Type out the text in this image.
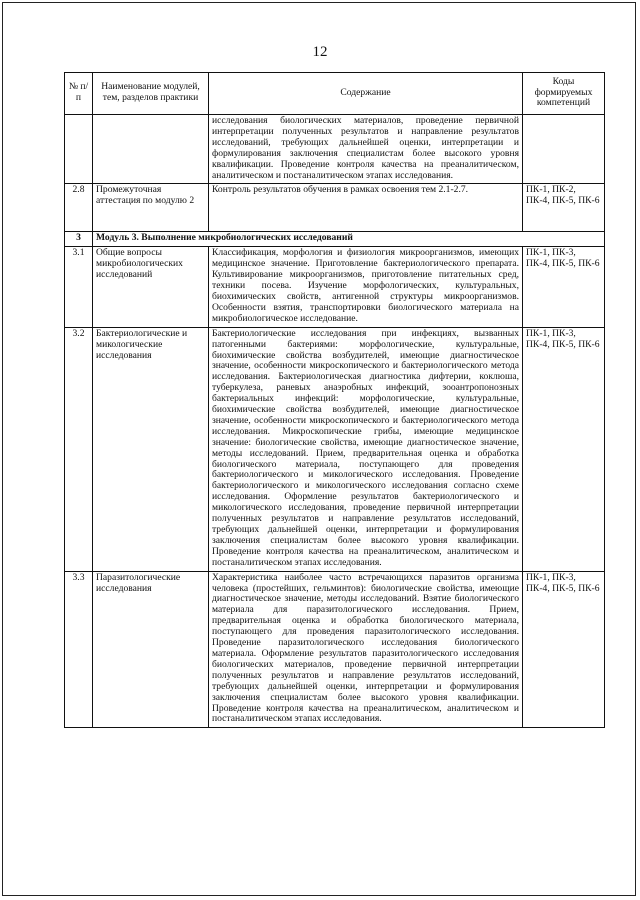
12
№ п/п	Наименование модулей, тем, разделов практики	Содержание	Коды формируемых компетенций
		исследования биологических материалов, проведение первичной интерпретации полученных результатов и направление результатов исследований, требующих дальнейшей оценки, интерпретации и формулирования заключения специалистам более высокого уровня квалификации. Проведение контроля качества на преаналитическом, аналитическом и постаналитическом этапах исследования.	
2.8	Промежуточная аттестация по модулю 2	Контроль результатов обучения в рамках освоения тем 2.1-2.7.	ПК-1, ПК-2, ПК-4, ПК-5, ПК-6
3	Модуль 3. Выполнение микробиологических исследований		
3.1	Общие вопросы микробиологических исследований	Классификация, морфология и физиология микроорганизмов, имеющих медицинское значение. Приготовление бактериологического препарата. Культивирование микроорганизмов, приготовление питательных сред, техники посева. Изучение морфологических, культуральных, биохимических свойств, антигенной структуры микроорганизмов. Особенности взятия, транспортировки биологического материала на микробиологическое исследование.	ПК-1, ПК-3, ПК-4, ПК-5, ПК-6
3.2	Бактериологические и микологические исследования	Бактериологические исследования при инфекциях, вызванных патогенными бактериями: морфологические, культуральные, биохимические свойства возбудителей, имеющие диагностическое значение, особенности микроскопического и бактериологического метода исследования. Бактериологическая диагностика дифтерии, коклюша, туберкулеза, раневых анаэробных инфекций, зооантропонозных бактериальных инфекций: морфологические, культуральные, биохимические свойства возбудителей, имеющие диагностическое значение, особенности микроскопического и бактериологического метода исследования. Микроскопические грибы, имеющие медицинское значение: биологические свойства, имеющие диагностическое значение, методы исследований. Прием, предварительная оценка и обработка биологического материала, поступающего для проведения бактериологического и микологического исследования. Проведение бактериологического и микологического исследования согласно схеме исследования. Оформление результатов бактериологического и микологического исследования, проведение первичной интерпретации полученных результатов и направление результатов исследований, требующих дальнейшей оценки, интерпретации и формулирования заключения специалистам более высокого уровня квалификации. Проведение контроля качества на преаналитическом, аналитическом и постаналитическом этапах исследования.	ПК-1, ПК-3, ПК-4, ПК-5, ПК-6
3.3	Паразитологические исследования	Характеристика наиболее часто встречающихся паразитов организма человека (простейших, гельминтов): биологические свойства, имеющие диагностическое значение, методы исследований. Взятие биологического материала для паразитологического исследования. Прием, предварительная оценка и обработка биологического материала, поступающего для проведения паразитологического исследования. Проведение паразитологического исследования биологического материала. Оформление результатов паразитологического исследования биологических материалов, проведение первичной интерпретации полученных результатов и направление результатов исследований, требующих дальнейшей оценки, интерпретации и формулирования заключения специалистам более высокого уровня квалификации. Проведение контроля качества на преаналитическом, аналитическом и постаналитическом этапах исследования.	ПК-1, ПК-3, ПК-4, ПК-5, ПК-6
